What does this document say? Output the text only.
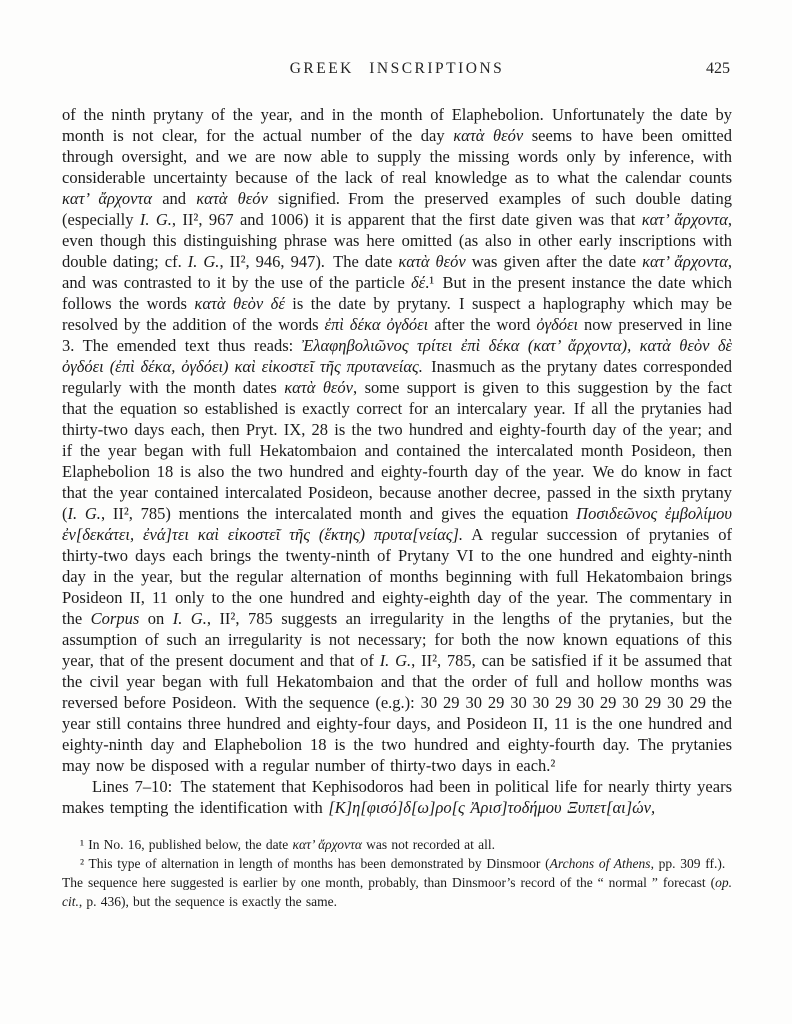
GREEK INSCRIPTIONS	425

of the ninth prytany of the year, and in the month of Elaphebolion. Unfortunately the date by month is not clear, for the actual number of the day κατὰ θεόν seems to have been omitted through oversight, and we are now able to supply the missing words only by inference, with considerable uncertainty because of the lack of real knowledge as to what the calendar counts κατ’ ἄρχοντα and κατὰ θεόν signified. From the preserved examples of such double dating (especially I. G., II², 967 and 1006) it is apparent that the first date given was that κατ’ ἄρχοντα, even though this distinguishing phrase was here omitted (as also in other early inscriptions with double dating; cf. I. G., II², 946, 947). The date κατὰ θεόν was given after the date κατ’ ἄρχοντα, and was contrasted to it by the use of the particle δέ.¹ But in the present instance the date which follows the words κατὰ θεὸν δέ is the date by prytany. I suspect a haplography which may be resolved by the addition of the words ἐπὶ δέκα ὀγδόει after the word ὀγδόει now preserved in line 3. The emended text thus reads: Ἐλαφηβολιῶνος τρίτει ἐπὶ δέκα (κατ’ ἄρχοντα), κατὰ θεὸν δὲ ὀγδόει (ἐπὶ δέκα, ὀγδόει) καὶ εἰκοστεῖ τῆς πρυτανείας. Inasmuch as the prytany dates corresponded regularly with the month dates κατὰ θεόν, some support is given to this suggestion by the fact that the equation so established is exactly correct for an intercalary year. If all the prytanies had thirty-two days each, then Pryt. IX, 28 is the two hundred and eighty-fourth day of the year; and if the year began with full Hekatombaion and contained the intercalated month Posideon, then Elaphebolion 18 is also the two hundred and eighty-fourth day of the year. We do know in fact that the year contained intercalated Posideon, because another decree, passed in the sixth prytany (I. G., II², 785) mentions the intercalated month and gives the equation Ποσιδεῶνος ἐμβολίμου ἐν[δεκάτει, ἐνά]τει καὶ εἰκοστεῖ τῆς (ἕκτης) πρυτα[νείας]. A regular succession of prytanies of thirty-two days each brings the twenty-ninth of Prytany VI to the one hundred and eighty-ninth day in the year, but the regular alternation of months beginning with full Hekatombaion brings Posideon II, 11 only to the one hundred and eighty-eighth day of the year. The commentary in the Corpus on I. G., II², 785 suggests an irregularity in the lengths of the prytanies, but the assumption of such an irregularity is not necessary; for both the now known equations of this year, that of the present document and that of I. G., II², 785, can be satisfied if it be assumed that the civil year began with full Hekatombaion and that the order of full and hollow months was reversed before Posideon. With the sequence (e.g.): 30 29 30 29 30 30 29 30 29 30 29 30 29 the year still contains three hundred and eighty-four days, and Posideon II, 11 is the one hundred and eighty-ninth day and Elaphebolion 18 is the two hundred and eighty-fourth day. The prytanies may now be disposed with a regular number of thirty-two days in each.²

Lines 7–10: The statement that Kephisodoros had been in political life for nearly thirty years makes tempting the identification with [Κ]η[φισό]δ[ω]ρο[ς Ἀρισ]τοδήμου Ξυπετ[αι]ών,

¹ In No. 16, published below, the date κατ’ ἄρχοντα was not recorded at all.

² This type of alternation in length of months has been demonstrated by Dinsmoor (Archons of Athens, pp. 309 ff.). The sequence here suggested is earlier by one month, probably, than Dinsmoor’s record of the “ normal ” forecast (op. cit., p. 436), but the sequence is exactly the same.
